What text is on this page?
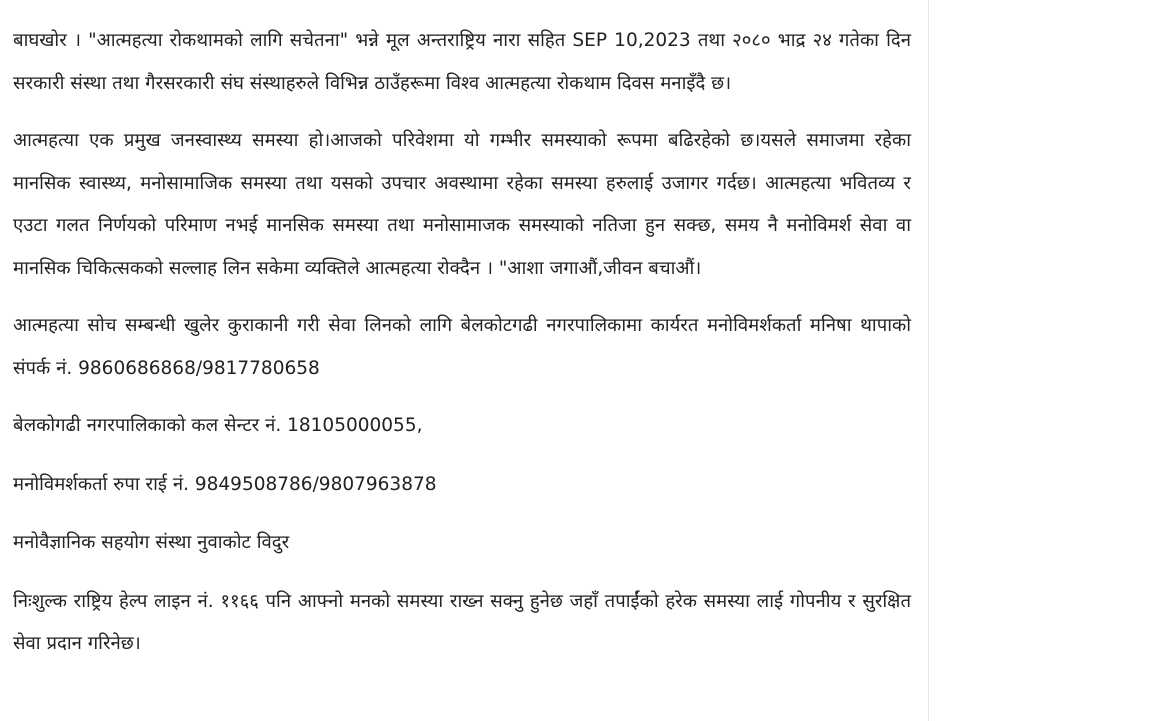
बाघखोर । "आत्महत्या रोकथामको लागि सचेतना" भन्ने मूल अन्तराष्ट्रिय नारा सहित SEP 10,2023 तथा २०८० भाद्र २४ गतेका दिन सरकारी संस्था तथा गैरसरकारी संघ संस्थाहरुले विभिन्न ठाउँहरूमा विश्व आत्महत्या रोकथाम दिवस मनाइँदै छ।

आत्महत्या एक प्रमुख जनस्वास्थ्य समस्या हो।आजको परिवेशमा यो गम्भीर समस्याको रूपमा बढिरहेको छ।यसले समाजमा रहेका मानसिक स्वास्थ्य, मनोसामाजिक समस्या तथा यसको उपचार अवस्थामा रहेका समस्या हरुलाई उजागर गर्दछ। आत्महत्या भवितव्य र एउटा गलत निर्णयको परिमाण नभई मानसिक समस्या तथा मनोसामाजक समस्याको नतिजा हुन सक्छ, समय नै मनोविमर्श सेवा वा मानसिक चिकित्सकको सल्लाह लिन सकेमा व्यक्तिले आत्महत्या रोक्दैन । "आशा जगाऔं,जीवन बचाऔं।

आत्महत्या सोच सम्बन्धी खुलेर कुराकानी गरी सेवा लिनको लागि बेलकोटगढी नगरपालिकामा कार्यरत मनोविमर्शकर्ता मनिषा थापाको संपर्क नं. 9860686868/9817780658

बेलकोगढी नगरपालिकाको कल सेन्टर नं. 18105000055,

मनोविमर्शकर्ता रुपा राई नं. 9849508786/9807963878

मनोवैज्ञानिक सहयोग संस्था नुवाकोट विदुर

निःशुल्क राष्ट्रिय हेल्प लाइन नं. ११६६ पनि आफ्नो मनको समस्या राख्न सक्नु हुनेछ जहाँ तपाईंको हरेक समस्या लाई गोपनीय र सुरक्षित सेवा प्रदान गरिनेछ।
